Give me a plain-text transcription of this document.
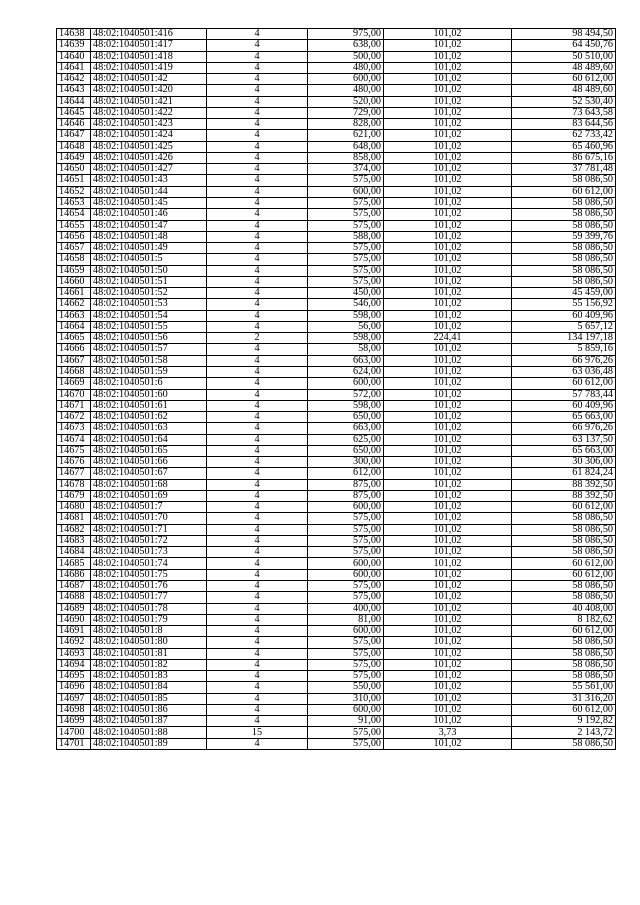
14638	48:02:1040501:416	4	975,00	101,02	98 494,50
14639	48:02:1040501:417	4	638,00	101,02	64 450,76
14640	48:02:1040501:418	4	500,00	101,02	50 510,00
14641	48:02:1040501:419	4	480,00	101,02	48 489,60
14642	48:02:1040501:42	4	600,00	101,02	60 612,00
14643	48:02:1040501:420	4	480,00	101,02	48 489,60
14644	48:02:1040501:421	4	520,00	101,02	52 530,40
14645	48:02:1040501:422	4	729,00	101,02	73 643,58
14646	48:02:1040501:423	4	828,00	101,02	83 644,56
14647	48:02:1040501:424	4	621,00	101,02	62 733,42
14648	48:02:1040501:425	4	648,00	101,02	65 460,96
14649	48:02:1040501:426	4	858,00	101,02	86 675,16
14650	48:02:1040501:427	4	374,00	101,02	37 781,48
14651	48:02:1040501:43	4	575,00	101,02	58 086,50
14652	48:02:1040501:44	4	600,00	101,02	60 612,00
14653	48:02:1040501:45	4	575,00	101,02	58 086,50
14654	48:02:1040501:46	4	575,00	101,02	58 086,50
14655	48:02:1040501:47	4	575,00	101,02	58 086,50
14656	48:02:1040501:48	4	588,00	101,02	59 399,76
14657	48:02:1040501:49	4	575,00	101,02	58 086,50
14658	48:02:1040501:5	4	575,00	101,02	58 086,50
14659	48:02:1040501:50	4	575,00	101,02	58 086,50
14660	48:02:1040501:51	4	575,00	101,02	58 086,50
14661	48:02:1040501:52	4	450,00	101,02	45 459,00
14662	48:02:1040501:53	4	546,00	101,02	55 156,92
14663	48:02:1040501:54	4	598,00	101,02	60 409,96
14664	48:02:1040501:55	4	56,00	101,02	5 657,12
14665	48:02:1040501:56	2	598,00	224,41	134 197,18
14666	48:02:1040501:57	4	58,00	101,02	5 859,16
14667	48:02:1040501:58	4	663,00	101,02	66 976,26
14668	48:02:1040501:59	4	624,00	101,02	63 036,48
14669	48:02:1040501:6	4	600,00	101,02	60 612,00
14670	48:02:1040501:60	4	572,00	101,02	57 783,44
14671	48:02:1040501:61	4	598,00	101,02	60 409,96
14672	48:02:1040501:62	4	650,00	101,02	65 663,00
14673	48:02:1040501:63	4	663,00	101,02	66 976,26
14674	48:02:1040501:64	4	625,00	101,02	63 137,50
14675	48:02:1040501:65	4	650,00	101,02	65 663,00
14676	48:02:1040501:66	4	300,00	101,02	30 306,00
14677	48:02:1040501:67	4	612,00	101,02	61 824,24
14678	48:02:1040501:68	4	875,00	101,02	88 392,50
14679	48:02:1040501:69	4	875,00	101,02	88 392,50
14680	48:02:1040501:7	4	600,00	101,02	60 612,00
14681	48:02:1040501:70	4	575,00	101,02	58 086,50
14682	48:02:1040501:71	4	575,00	101,02	58 086,50
14683	48:02:1040501:72	4	575,00	101,02	58 086,50
14684	48:02:1040501:73	4	575,00	101,02	58 086,50
14685	48:02:1040501:74	4	600,00	101,02	60 612,00
14686	48:02:1040501:75	4	600,00	101,02	60 612,00
14687	48:02:1040501:76	4	575,00	101,02	58 086,50
14688	48:02:1040501:77	4	575,00	101,02	58 086,50
14689	48:02:1040501:78	4	400,00	101,02	40 408,00
14690	48:02:1040501:79	4	81,00	101,02	8 182,62
14691	48:02:1040501:8	4	600,00	101,02	60 612,00
14692	48:02:1040501:80	4	575,00	101,02	58 086,50
14693	48:02:1040501:81	4	575,00	101,02	58 086,50
14694	48:02:1040501:82	4	575,00	101,02	58 086,50
14695	48:02:1040501:83	4	575,00	101,02	58 086,50
14696	48:02:1040501:84	4	550,00	101,02	55 561,00
14697	48:02:1040501:85	4	310,00	101,02	31 316,20
14698	48:02:1040501:86	4	600,00	101,02	60 612,00
14699	48:02:1040501:87	4	91,00	101,02	9 192,82
14700	48:02:1040501:88	15	575,00	3,73	2 143,72
14701	48:02:1040501:89	4	575,00	101,02	58 086,50
